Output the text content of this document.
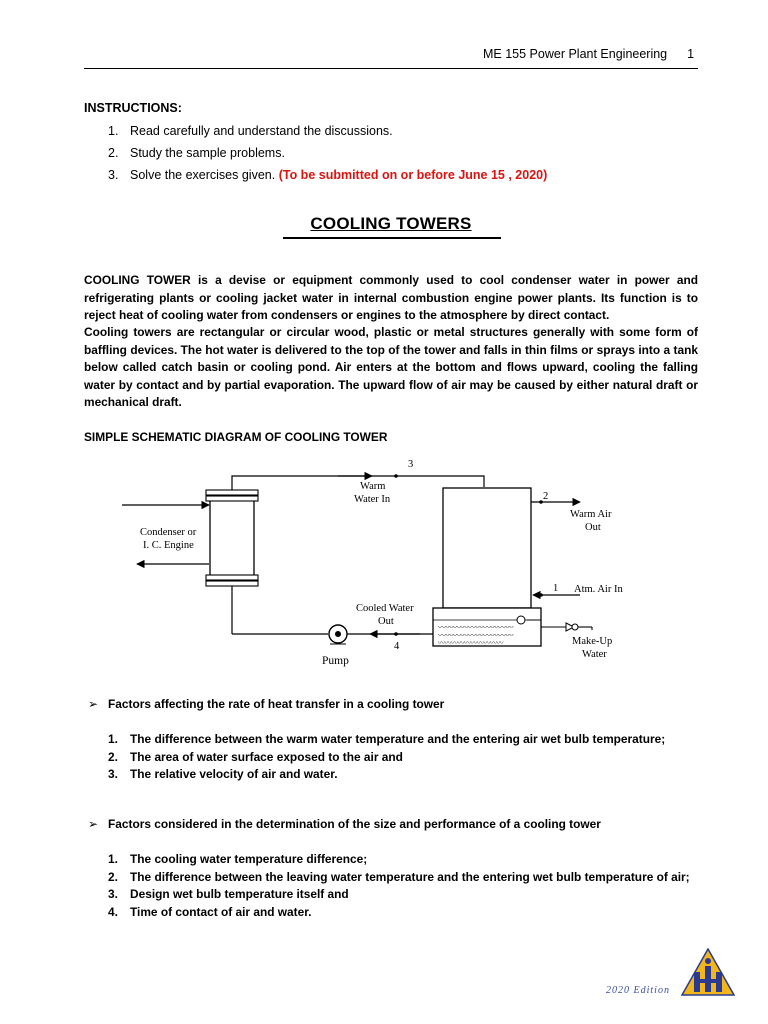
ME 155 Power Plant Engineering 1
INSTRUCTIONS:
1. Read carefully and understand the discussions.
2. Study the sample problems.
3. Solve the exercises given. (To be submitted on or before June 15 , 2020)
COOLING TOWERS
COOLING TOWER is a devise or equipment commonly used to cool condenser water in power and refrigerating plants or cooling jacket water in internal combustion engine power plants. Its function is to reject heat of cooling water from condensers or engines to the atmosphere by direct contact.
Cooling towers are rectangular or circular wood, plastic or metal structures generally with some form of baffling devices. The hot water is delivered to the top of the tower and falls in thin films or sprays into a tank below called catch basin or cooling pond. Air enters at the bottom and flows upward, cooling the falling water by contact and by partial evaporation. The upward flow of air may be caused by either natural draft or mechanical draft.
SIMPLE SCHEMATIC DIAGRAM OF COOLING TOWER
〰〰〰〰〰〰〰〰〰〰
〰〰〰〰〰〰〰〰〰〰
〰〰〰〰〰〰〰〰〰〰
Condenser or
I. C. Engine
Warm
Water In
3
2
Warm Air
Out
1 Atm. Air In
Cooled Water
Out
4	Make-Up
Water
Pump
➢ Factors affecting the rate of heat transfer in a cooling tower
1.	The difference between the warm water temperature and the entering air wet bulb temperature;
2.	The area of water surface exposed to the air and
3.	The relative velocity of air and water.
➢ Factors considered in the determination of the size and performance of a cooling tower
1.	The cooling water temperature difference;
2.	The difference between the leaving water temperature and the entering wet bulb temperature of air;
3.	Design wet bulb temperature itself and
4.	Time of contact of air and water.
2020 Edition
